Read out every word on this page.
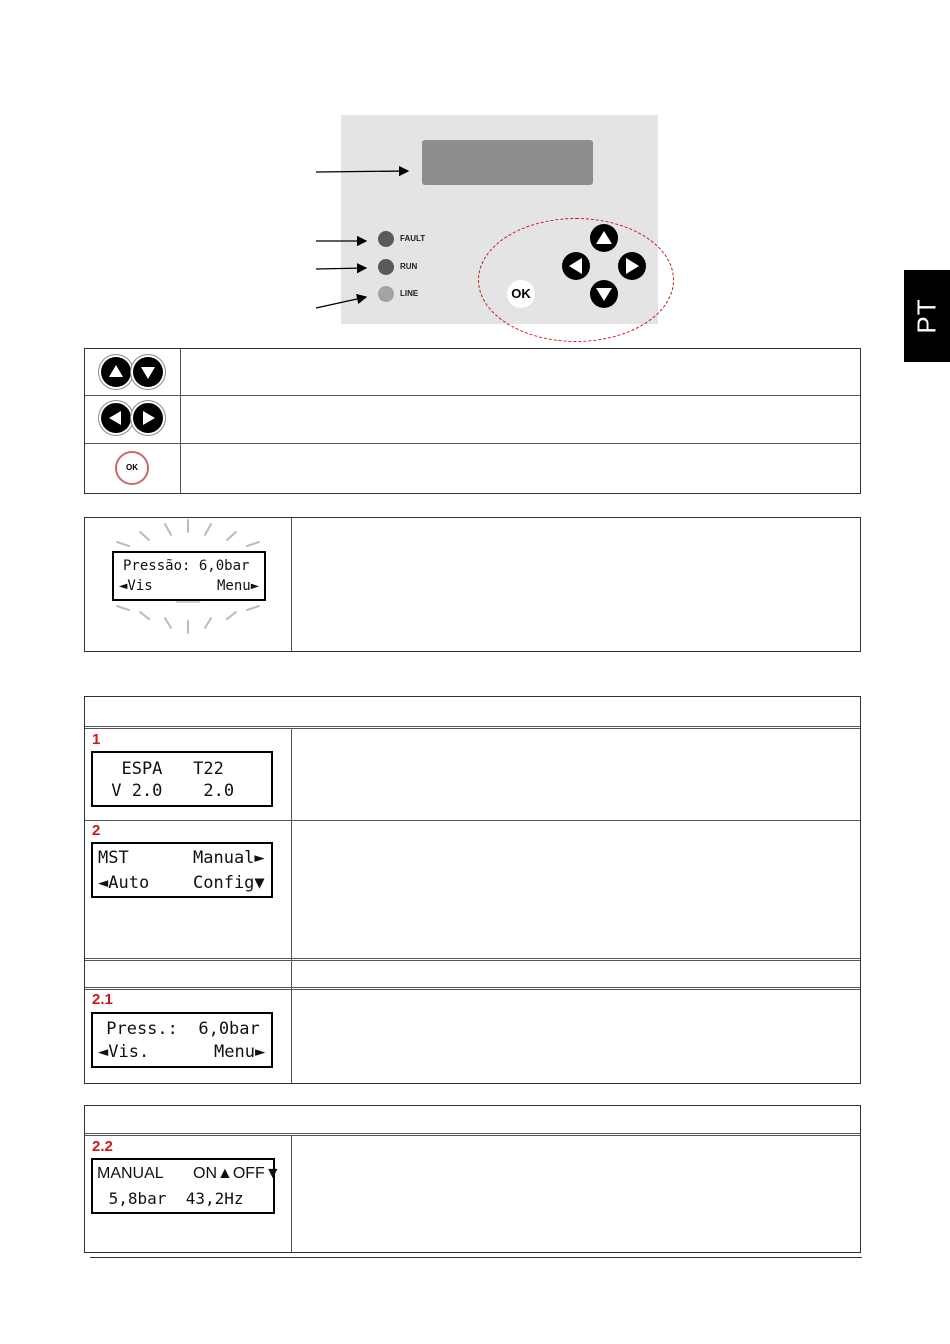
PT
FAULT
RUN
LINE	OK
OK
Pressão: 6,0bar
◄Vis	Menu►
1
ESPA   T22
V 2.0    2.0
2
MST	Manual►
◄Auto	Config▼
2.1
Press.:  6,0bar
◄Vis.	Menu►
2.2
MANUAL ON▲OFF▼
5,8bar  43,2Hz
